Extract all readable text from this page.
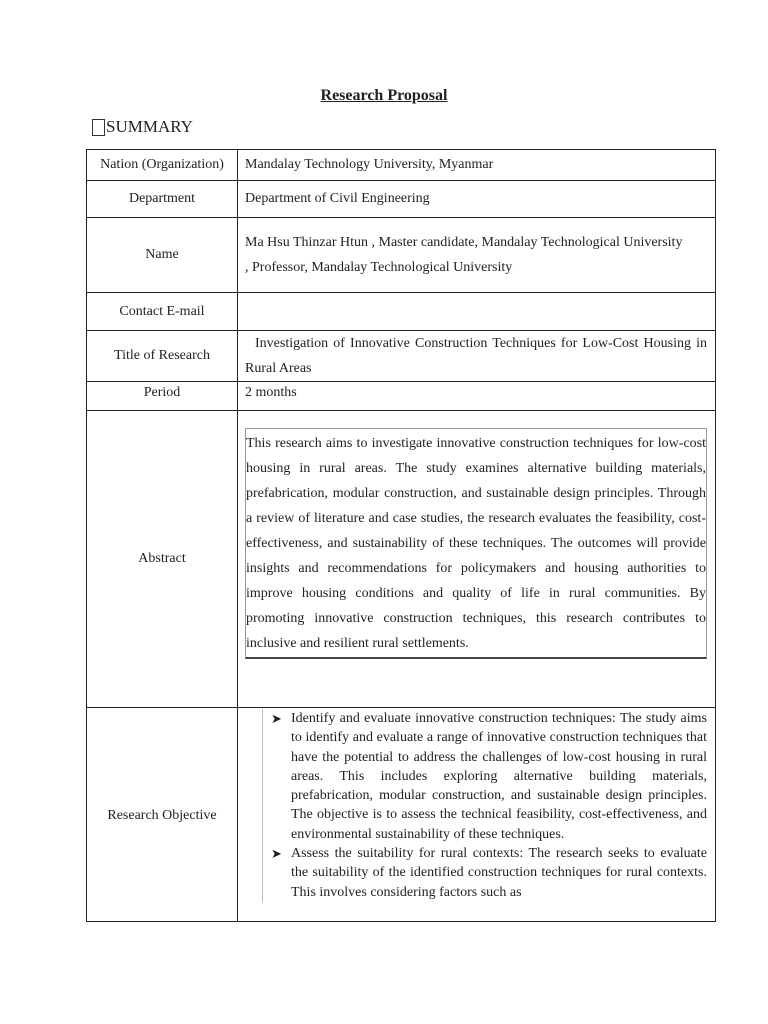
Research Proposal
SUMMARY
Nation (Organization)	Mandalay Technology University, Myanmar
Department	Department of Civil Engineering
Name	Ma Hsu Thinzar Htun , Master candidate, Mandalay Technological University
, Professor, Mandalay Technological University

Contact E-mail	
Title of Research	Investigation of Innovative Construction Techniques for Low-Cost Housing in Rural Areas
Period	2 months
Abstract	This research aims to investigate innovative construction techniques for low-cost housing in rural areas. The study examines alternative building materials, prefabrication, modular construction, and sustainable design principles. Through a review of literature and case studies, the research evaluates the feasibility, cost-effectiveness, and sustainability of these techniques. The outcomes will provide insights and recommendations for policymakers and housing authorities to improve housing conditions and quality of life in rural communities. By promoting innovative construction techniques, this research contributes to inclusive and resilient rural settlements.

Research Objective	➤ Identify and evaluate innovative construction techniques: The study aims to identify and evaluate a range of innovative construction techniques that have the potential to address the challenges of low-cost housing in rural areas. This includes exploring alternative building materials, prefabrication, modular construction, and sustainable design principles. The objective is to assess the technical feasibility, cost-effectiveness, and environmental sustainability of these techniques.
➤ Assess the suitability for rural contexts: The research seeks to evaluate the suitability of the identified construction techniques for rural contexts. This involves considering factors such as
